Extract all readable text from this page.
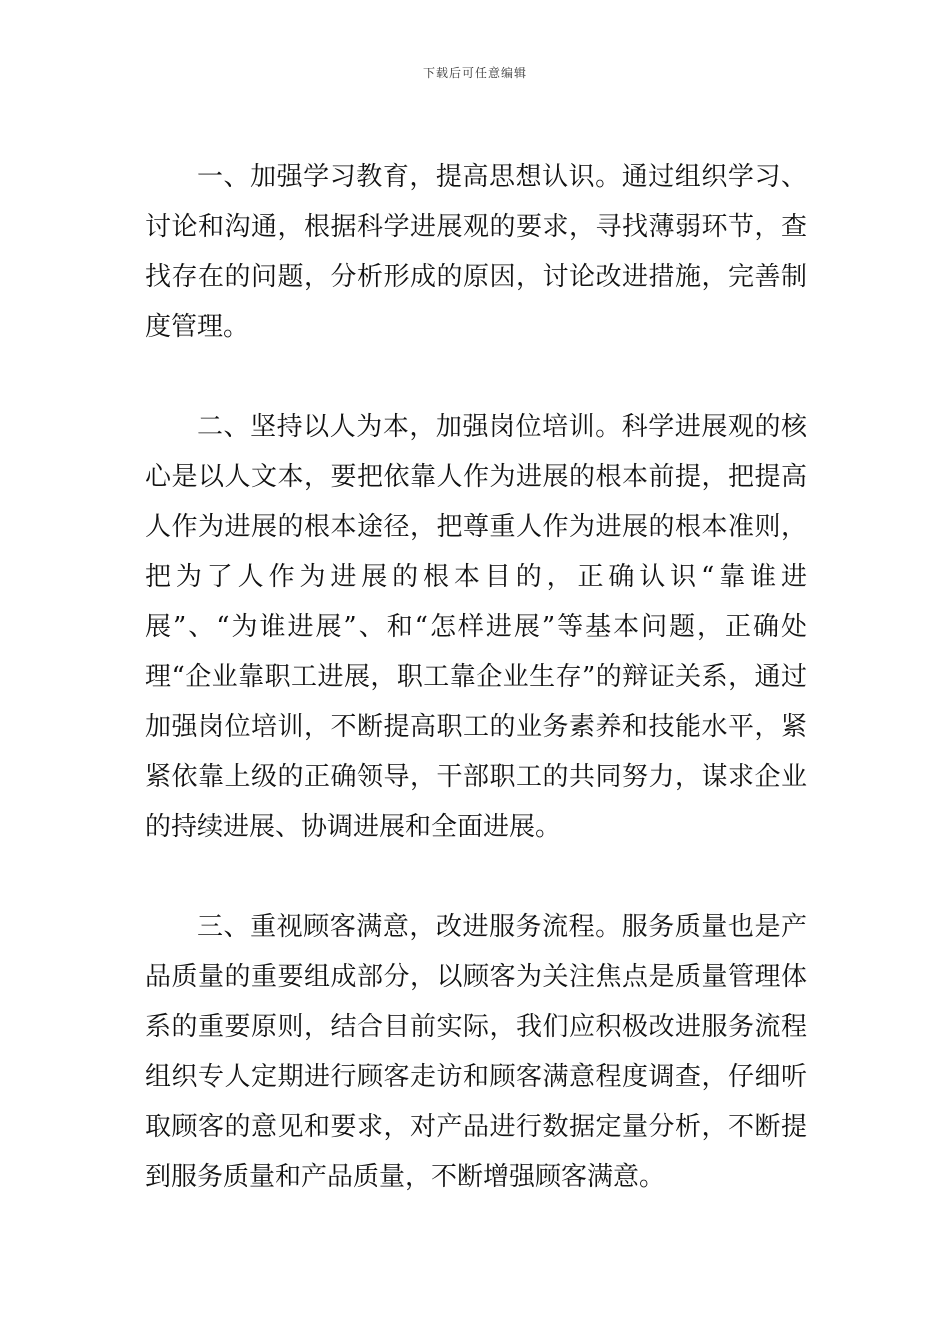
下载后可任意编辑

一、加强学习教育，提高思想认识。通过组织学习、讨论和沟通，根据科学进展观的要求，寻找薄弱环节，查找存在的问题，分析形成的原因，讨论改进措施，完善制度管理。

二、坚持以人为本，加强岗位培训。科学进展观的核心是以人文本，要把依靠人作为进展的根本前提，把提高人作为进展的根本途径，把尊重人作为进展的根本准则，把为了人作为进展的根本目的，正确认识“靠谁进展”、“为谁进展”、和“怎样进展”等基本问题，正确处理“企业靠职工进展，职工靠企业生存”的辩证关系，通过加强岗位培训，不断提高职工的业务素养和技能水平，紧紧依靠上级的正确领导，干部职工的共同努力，谋求企业的持续进展、协调进展和全面进展。

三、重视顾客满意，改进服务流程。服务质量也是产品质量的重要组成部分，以顾客为关注焦点是质量管理体系的重要原则，结合目前实际，我们应积极改进服务流程组织专人定期进行顾客走访和顾客满意程度调查，仔细听取顾客的意见和要求，对产品进行数据定量分析，不断提到服务质量和产品质量，不断增强顾客满意。
